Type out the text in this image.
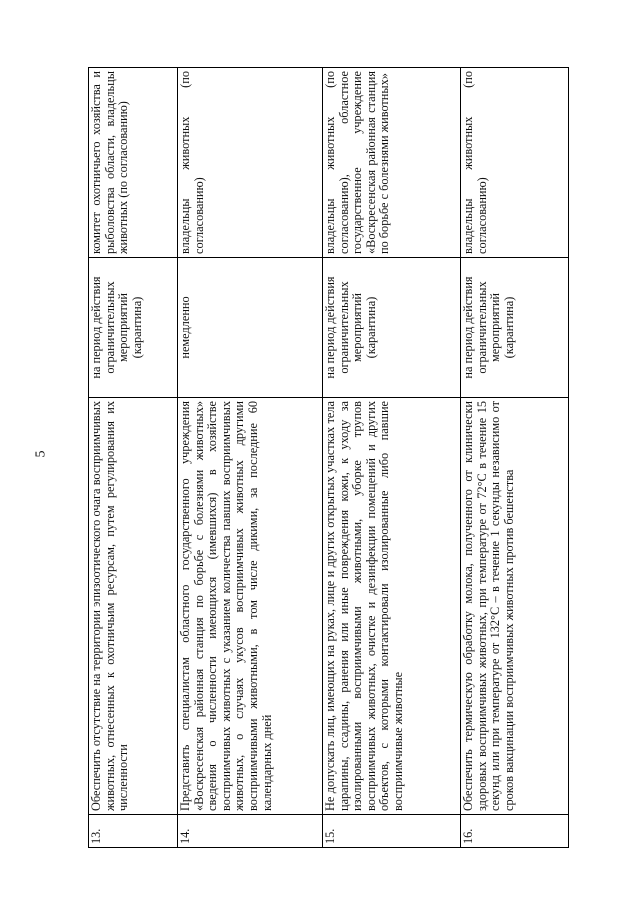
5
13.	Обеспечить отсутствие на территории эпизоотического очага восприимчивых животных, отнесенных к охотничьим ресурсам, путем регулирования их численности	на период действия ограничительных мероприятий (карантина)	комитет охотничьего хозяйства и рыболовства области, владельцы животных (по согласованию)
14.	Представить специалистам областного государственного учреждения «Воскресенская районная станция по борьбе с болезнями животных» сведения о численности имеющихся (имевшихся) в хозяйстве восприимчивых животных с указанием количества павших восприимчивых животных, о случаях укусов восприимчивых животных другими восприимчивыми животными, в том числе дикими, за последние 60 календарных дней	немедленно	владельцы животных (по согласованию)
15.	Не допускать лиц, имеющих на руках, лице и других открытых участках тела царапины, ссадины, ранения или иные повреждения кожи, к уходу за изолированными восприимчивыми животными, уборке трупов восприимчивых животных, очистке и дезинфекции помещений и других объектов, с которыми контактировали изолированные либо павшие восприимчивые животные	на период действия ограничительных мероприятий (карантина)	владельцы животных (по согласованию), областное государственное учреждение «Воскресенская районная станция по борьбе с болезнями животных»
16.	Обеспечить термическую обработку молока, полученного от клинически здоровых восприимчивых животных, при температуре от 72°С в течение 15 секунд или при температуре от 132°С – в течение 1 секунды независимо от сроков вакцинации восприимчивых животных против бешенства	на период действия ограничительных мероприятий (карантина)	владельцы животных (по согласованию)
